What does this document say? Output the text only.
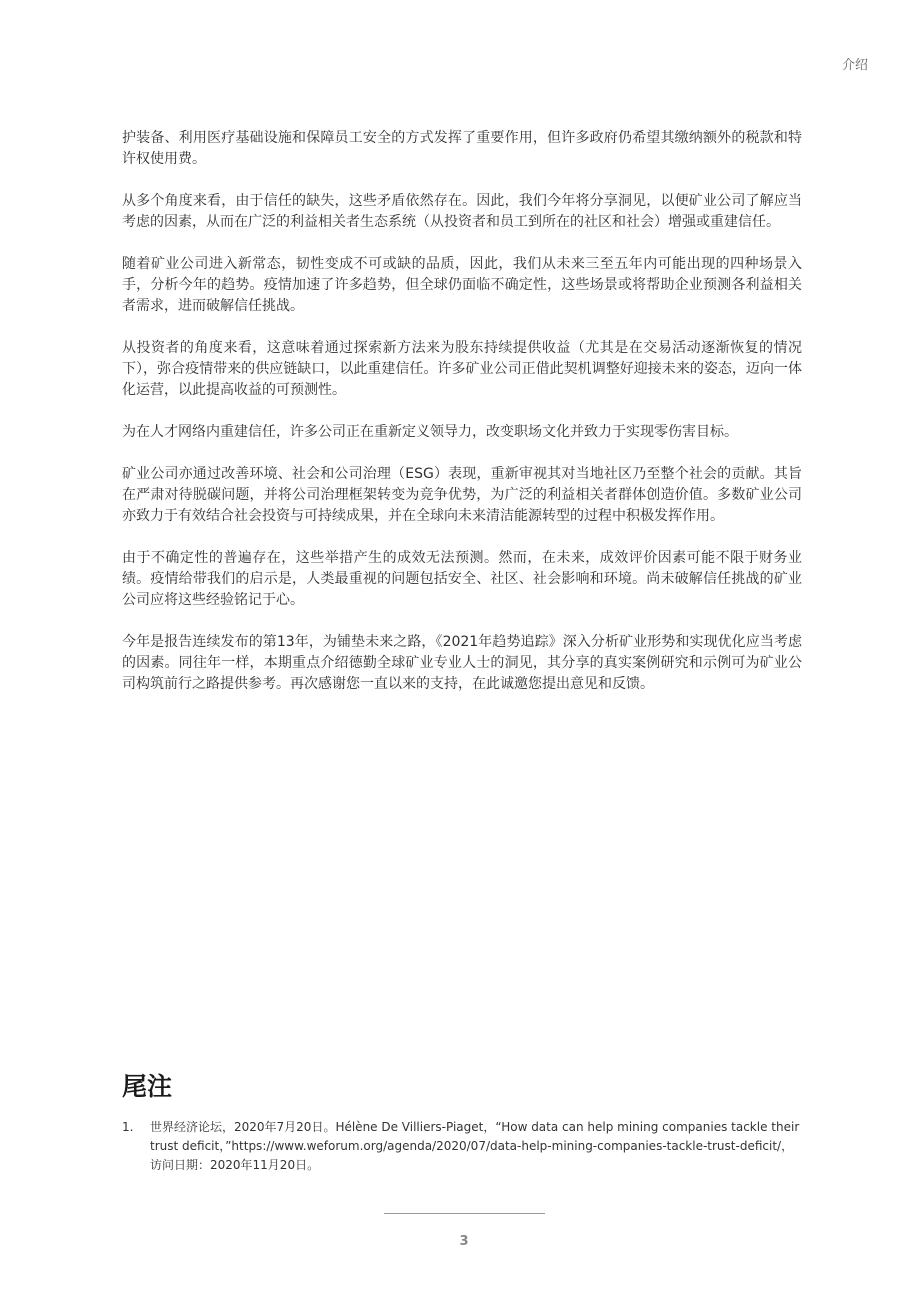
介绍

护装备、利用医疗基础设施和保障员工安全的方式发挥了重要作用，但许多政府仍希望其缴纳额外的税款和特许权使用费。

从多个角度来看，由于信任的缺失，这些矛盾依然存在。因此，我们今年将分享洞见，以便矿业公司了解应当考虑的因素，从而在广泛的利益相关者生态系统（从投资者和员工到所在的社区和社会）增强或重建信任。

随着矿业公司进入新常态，韧性变成不可或缺的品质，因此，我们从未来三至五年内可能出现的四种场景入手，分析今年的趋势。疫情加速了许多趋势，但全球仍面临不确定性，这些场景或将帮助企业预测各利益相关者需求，进而破解信任挑战。

从投资者的角度来看，这意味着通过探索新方法来为股东持续提供收益（尤其是在交易活动逐渐恢复的情况下），弥合疫情带来的供应链缺口，以此重建信任。许多矿业公司正借此契机调整好迎接未来的姿态，迈向一体化运营，以此提高收益的可预测性。

为在人才网络内重建信任，许多公司正在重新定义领导力，改变职场文化并致力于实现零伤害目标。

矿业公司亦通过改善环境、社会和公司治理（ESG）表现，重新审视其对当地社区乃至整个社会的贡献。其旨在严肃对待脱碳问题，并将公司治理框架转变为竞争优势，为广泛的利益相关者群体创造价值。多数矿业公司亦致力于有效结合社会投资与可持续成果，并在全球向未来清洁能源转型的过程中积极发挥作用。

由于不确定性的普遍存在，这些举措产生的成效无法预测。然而，在未来，成效评价因素可能不限于财务业绩。疫情给带我们的启示是，人类最重视的问题包括安全、社区、社会影响和环境。尚未破解信任挑战的矿业公司应将这些经验铭记于心。

今年是报告连续发布的第13年，为铺垫未来之路，《2021年趋势追踪》深入分析矿业形势和实现优化应当考虑的因素。同往年一样，本期重点介绍德勤全球矿业专业人士的洞见，其分享的真实案例研究和示例可为矿业公司构筑前行之路提供参考。再次感谢您一直以来的支持，在此诚邀您提出意见和反馈。

尾注
1.	世界经济论坛，2020年7月20日。Hélène De Villiers-Piaget，“How data can help mining companies tackle their trust deficit，”https://www.weforum.org/agenda/2020/07/data-help-mining-companies-tackle-trust-deficit/，访问日期：2020年11月20日。
3
